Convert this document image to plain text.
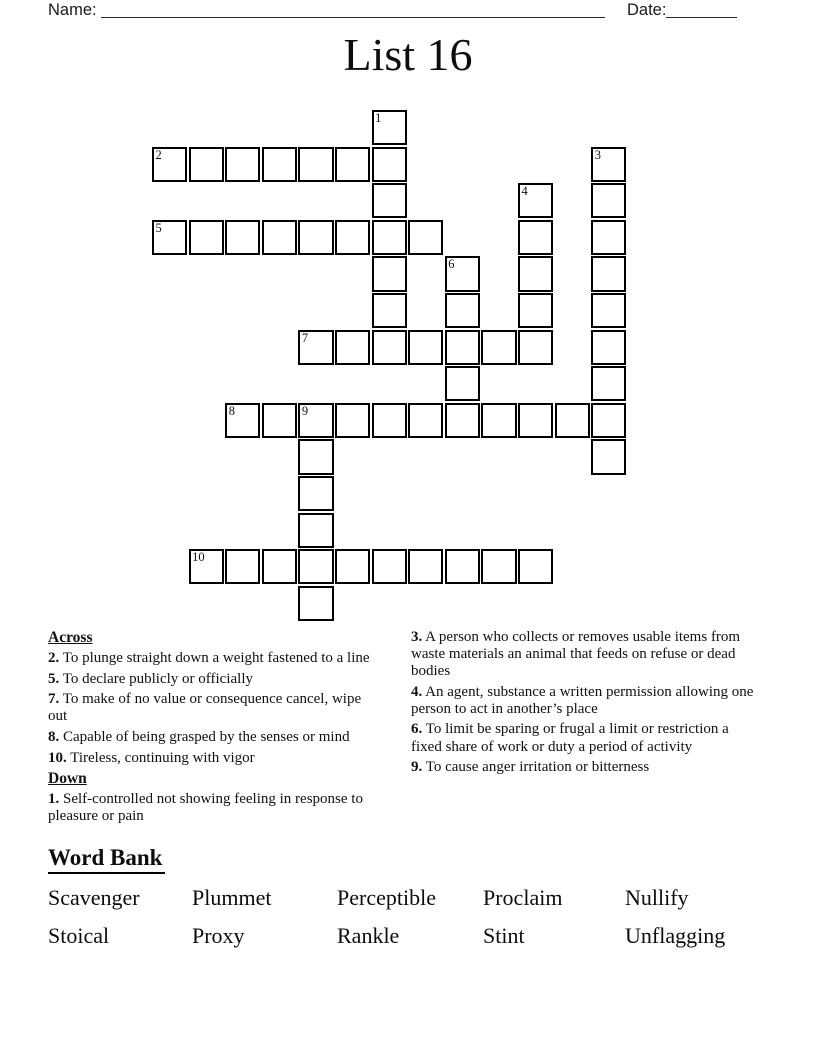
Name:	Date:
List 16
1
2	3
4
5
6
7
8	9
10
Across

2. To plunge straight down a weight fastened to a line

5. To declare publicly or officially

7. To make of no value or consequence cancel, wipe out

8. Capable of being grasped by the senses or mind

10. Tireless, continuing with vigor

Down

1. Self-controlled not showing feeling in response to pleasure or pain

3. A person who collects or removes usable items from waste materials an animal that feeds on refuse or dead bodies

4. An agent, substance a written permission allowing one person to act in another’s place

6. To limit be sparing or frugal a limit or restriction a fixed share of work or duty a period of activity

9. To cause anger irritation or bitterness

Word Bank
Scavenger	Plummet	Perceptible	Proclaim	Nullify
Stoical	Proxy	Rankle	Stint	Unflagging
